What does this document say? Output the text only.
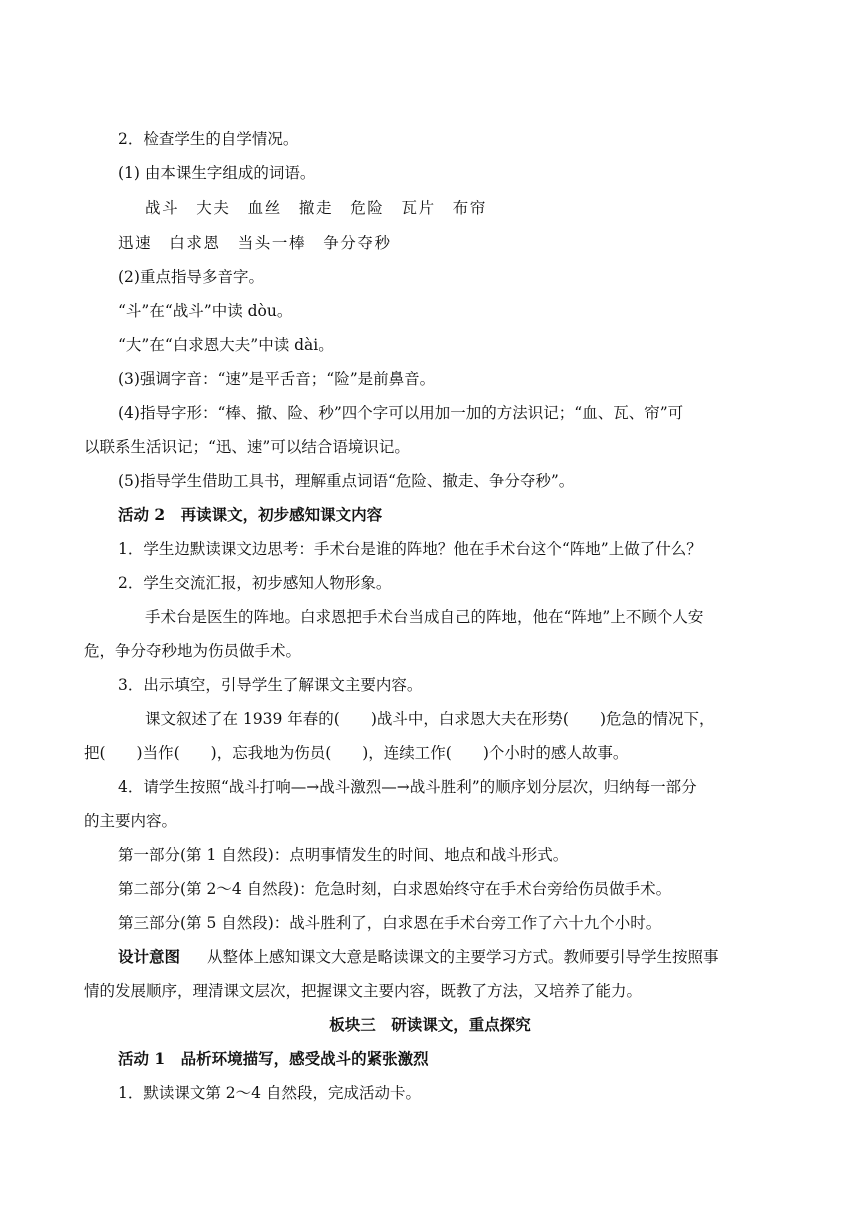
2．检查学生的自学情况。
(1) 由本课生字组成的词语。
战斗　大夫　血丝　撤走　危险　瓦片　布帘
迅速　白求恩　当头一棒　争分夺秒
(2)重点指导多音字。
“斗”在“战斗”中读 dòu。
“大”在“白求恩大夫”中读 dài。
(3)强调字音：“速”是平舌音；“险”是前鼻音。
(4)指导字形：“棒、撤、险、秒”四个字可以用加一加的方法识记；“血、瓦、帘”可
以联系生活识记；“迅、速”可以结合语境识记。
(5)指导学生借助工具书，理解重点词语“危险、撤走、争分夺秒”。
活动 2　再读课文，初步感知课文内容
1．学生边默读课文边思考：手术台是谁的阵地？他在手术台这个“阵地”上做了什么？
2．学生交流汇报，初步感知人物形象。
手术台是医生的阵地。白求恩把手术台当成自己的阵地，他在“阵地”上不顾个人安
危，争分夺秒地为伤员做手术。
3．出示填空，引导学生了解课文主要内容。
课文叙述了在 1939 年春的(　　)战斗中，白求恩大夫在形势(　　)危急的情况下，
把(　　)当作(　　)，忘我地为伤员(　　)，连续工作(　　)个小时的感人故事。
4．请学生按照“战斗打响—→战斗激烈—→战斗胜利”的顺序划分层次，归纳每一部分
的主要内容。
第一部分(第 1 自然段)：点明事情发生的时间、地点和战斗形式。
第二部分(第 2～4 自然段)：危急时刻，白求恩始终守在手术台旁给伤员做手术。
第三部分(第 5 自然段)：战斗胜利了，白求恩在手术台旁工作了六十九个小时。
设计意图 从整体上感知课文大意是略读课文的主要学习方式。教师要引导学生按照事
情的发展顺序，理清课文层次，把握课文主要内容，既教了方法，又培养了能力。
板块三　研读课文，重点探究
活动 1　品析环境描写，感受战斗的紧张激烈
1．默读课文第 2～4 自然段，完成活动卡。
